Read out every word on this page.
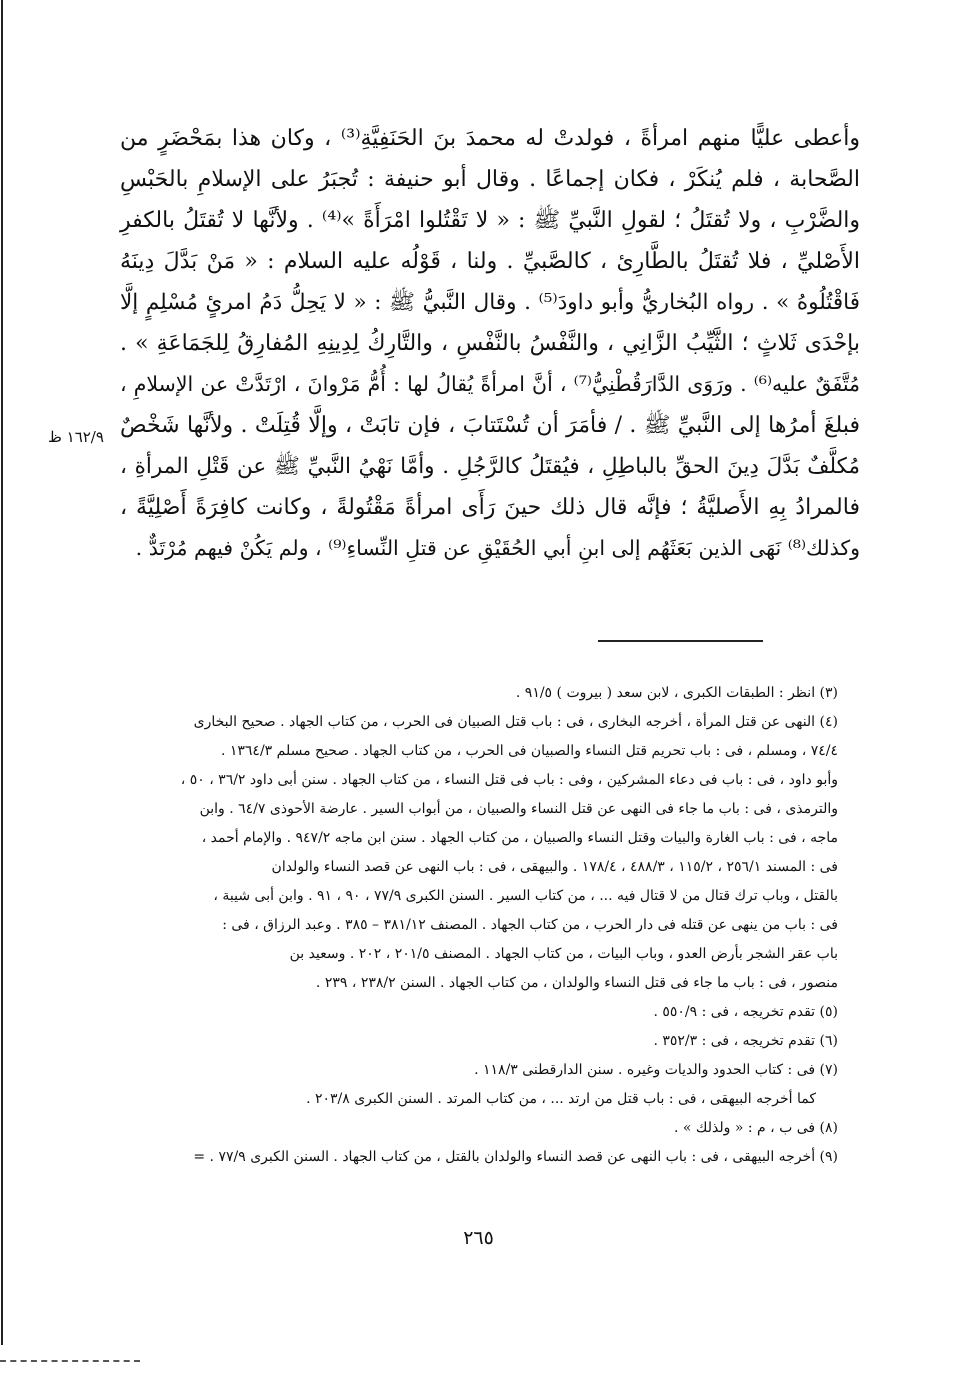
وأعطى عليًّا منهم امرأةً ، فولدتْ له محمدَ بنَ الحَنَفِيَّةِ⁽³⁾ ، وكان هذا بمَحْضَرٍ من

الصَّحابة ، فلم يُنكَرْ ، فكان إجماعًا . وقال أبو حنيفة : تُجبَرُ على الإسلامِ بالحَبْسِ

والضَّرْبِ ، ولا تُقتَلُ ؛ لقولِ النَّبيِّ ﷺ : « لا تَقْتُلوا امْرَأَةً »⁽⁴⁾ . ولأنَّها لا تُقتَلُ بالكفرِ

الأَصْليِّ ، فلا تُقتَلُ بالطَّارِئ ، كالصَّبيِّ . ولنا ، قَوْلُه عليه السلام : « مَنْ بَدَّلَ دِينَهُ

فَاقْتُلُوهُ » . رواه البُخاريُّ وأبو داودَ⁽⁵⁾ . وقال النَّبيُّ ﷺ : « لا يَحِلُّ دَمُ امرئٍ مُسْلِمٍ إلَّا

بإحْدَى ثَلاثٍ ؛ الثَّيِّبُ الزَّانِي ، والنَّفْسُ بالنَّفْسِ ، والتَّارِكُ لِدِينِهِ المُفارِقُ لِلجَمَاعَةِ » .

مُتَّفَقٌ عليه⁽⁶⁾ . ورَوَى الدَّارَقُطْنِيُّ⁽⁷⁾ ، أنَّ امرأةً يُقالُ لها : أُمُّ مَرْوانَ ، ارْتَدَّتْ عن الإسلامِ ،

فبلغَ أمرُها إلى النَّبيِّ ﷺ . / فأمَرَ أن تُسْتَتابَ ، فإن تابَتْ ، وإلَّا قُتِلَتْ . ولأنَّها شَخْصٌ

مُكلَّفٌ بَدَّلَ دِينَ الحقِّ بالباطِلِ ، فيُقتَلُ كالرَّجُلِ . وأمَّا نَهْيُ النَّبيِّ ﷺ عن قَتْلِ المرأةِ ،

فالمرادُ بِهِ الأَصليَّةُ ؛ فإنَّه قال ذلك حينَ رَأَى امرأةً مَقْتُولةً ، وكانت كافِرَةً أَصْلِيَّةً ،

وكذلك⁽⁸⁾ نَهَى الذين بَعَثَهُم إلى ابنِ أبي الحُقَيْقِ عن قتلِ النِّساءِ⁽⁹⁾ ، ولم يَكُنْ فيهم مُرْتَدٌّ .

١٦٢/٩ ظ

(٣) انظر : الطبقات الكبرى ، لابن سعد ( بيروت ) ٩١/٥ .

(٤) النهى عن قتل المرأة ، أخرجه البخارى ، فى : باب قتل الصبيان فى الحرب ، من كتاب الجهاد . صحيح البخارى

٧٤/٤ ، ومسلم ، فى : باب تحريم قتل النساء والصبيان فى الحرب ، من كتاب الجهاد . صحيح مسلم ١٣٦٤/٣ .

وأبو داود ، فى : باب فى دعاء المشركين ، وفى : باب فى قتل النساء ، من كتاب الجهاد . سنن أبى داود ٣٦/٢ ، ٥٠ ،

والترمذى ، فى : باب ما جاء فى النهى عن قتل النساء والصبيان ، من أبواب السير . عارضة الأحوذى ٦٤/٧ . وابن

ماجه ، فى : باب الغارة والبيات وقتل النساء والصبيان ، من كتاب الجهاد . سنن ابن ماجه ٩٤٧/٢ . والإمام أحمد ،

فى : المسند ٢٥٦/١ ، ١١٥/٢ ، ٤٨٨/٣ ، ١٧٨/٤ . والبيهقى ، فى : باب النهى عن قصد النساء والولدان

بالقتل ، وباب ترك قتال من لا قتال فيه ... ، من كتاب السير . السنن الكبرى ٧٧/٩ ، ٩٠ ، ٩١ . وابن أبى شيبة ،

فى : باب من ينهى عن قتله فى دار الحرب ، من كتاب الجهاد . المصنف ٣٨١/١٢ – ٣٨٥ . وعبد الرزاق ، فى :

باب عقر الشجر بأرض العدو ، وباب البيات ، من كتاب الجهاد . المصنف ٢٠١/٥ ، ٢٠٢ . وسعيد بن

منصور ، فى : باب ما جاء فى قتل النساء والولدان ، من كتاب الجهاد . السنن ٢٣٨/٢ ، ٢٣٩ .

(٥) تقدم تخريجه ، فى : ٥٥٠/٩ .

(٦) تقدم تخريجه ، فى : ٣٥٢/٣ .

(٧) فى : كتاب الحدود والديات وغيره . سنن الدارقطنى ١١٨/٣ .

كما أخرجه البيهقى ، فى : باب قتل من ارتد ... ، من كتاب المرتد . السنن الكبرى ٢٠٣/٨ .

(٨) فى ب ، م : « ولذلك » .

(٩) أخرجه البيهقى ، فى : باب النهى عن قصد النساء والولدان بالقتل ، من كتاب الجهاد . السنن الكبرى ٧٧/٩ . =

٢٦٥
